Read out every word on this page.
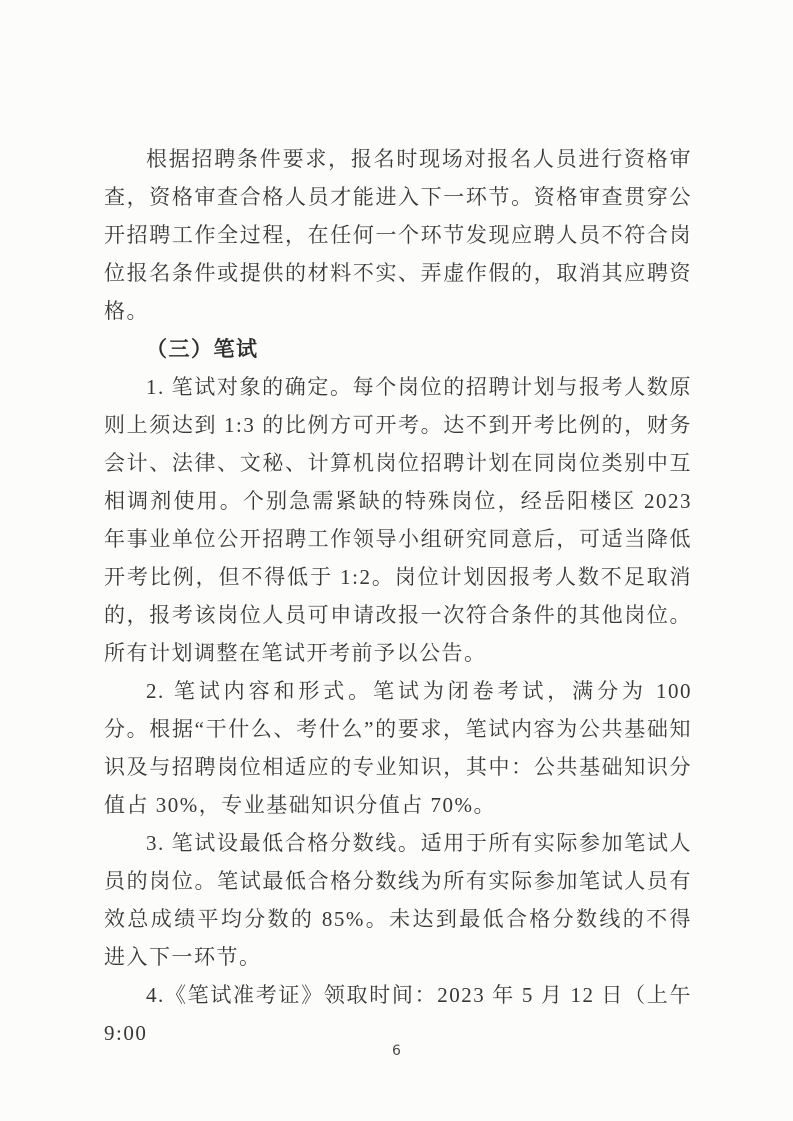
根据招聘条件要求，报名时现场对报名人员进行资格审查，资格审查合格人员才能进入下一环节。资格审查贯穿公开招聘工作全过程，在任何一个环节发现应聘人员不符合岗位报名条件或提供的材料不实、弄虚作假的，取消其应聘资格。

（三）笔试

1. 笔试对象的确定。每个岗位的招聘计划与报考人数原则上须达到 1:3 的比例方可开考。达不到开考比例的，财务会计、法律、文秘、计算机岗位招聘计划在同岗位类别中互相调剂使用。个别急需紧缺的特殊岗位，经岳阳楼区 2023 年事业单位公开招聘工作领导小组研究同意后，可适当降低开考比例，但不得低于 1:2。岗位计划因报考人数不足取消的，报考该岗位人员可申请改报一次符合条件的其他岗位。所有计划调整在笔试开考前予以公告。

2. 笔试内容和形式。笔试为闭卷考试，满分为 100 分。根据“干什么、考什么”的要求，笔试内容为公共基础知识及与招聘岗位相适应的专业知识，其中：公共基础知识分值占 30%，专业基础知识分值占 70%。

3. 笔试设最低合格分数线。适用于所有实际参加笔试人员的岗位。笔试最低合格分数线为所有实际参加笔试人员有效总成绩平均分数的 85%。未达到最低合格分数线的不得进入下一环节。

4.《笔试准考证》领取时间：2023 年 5 月 12 日（上午 9:00

6
